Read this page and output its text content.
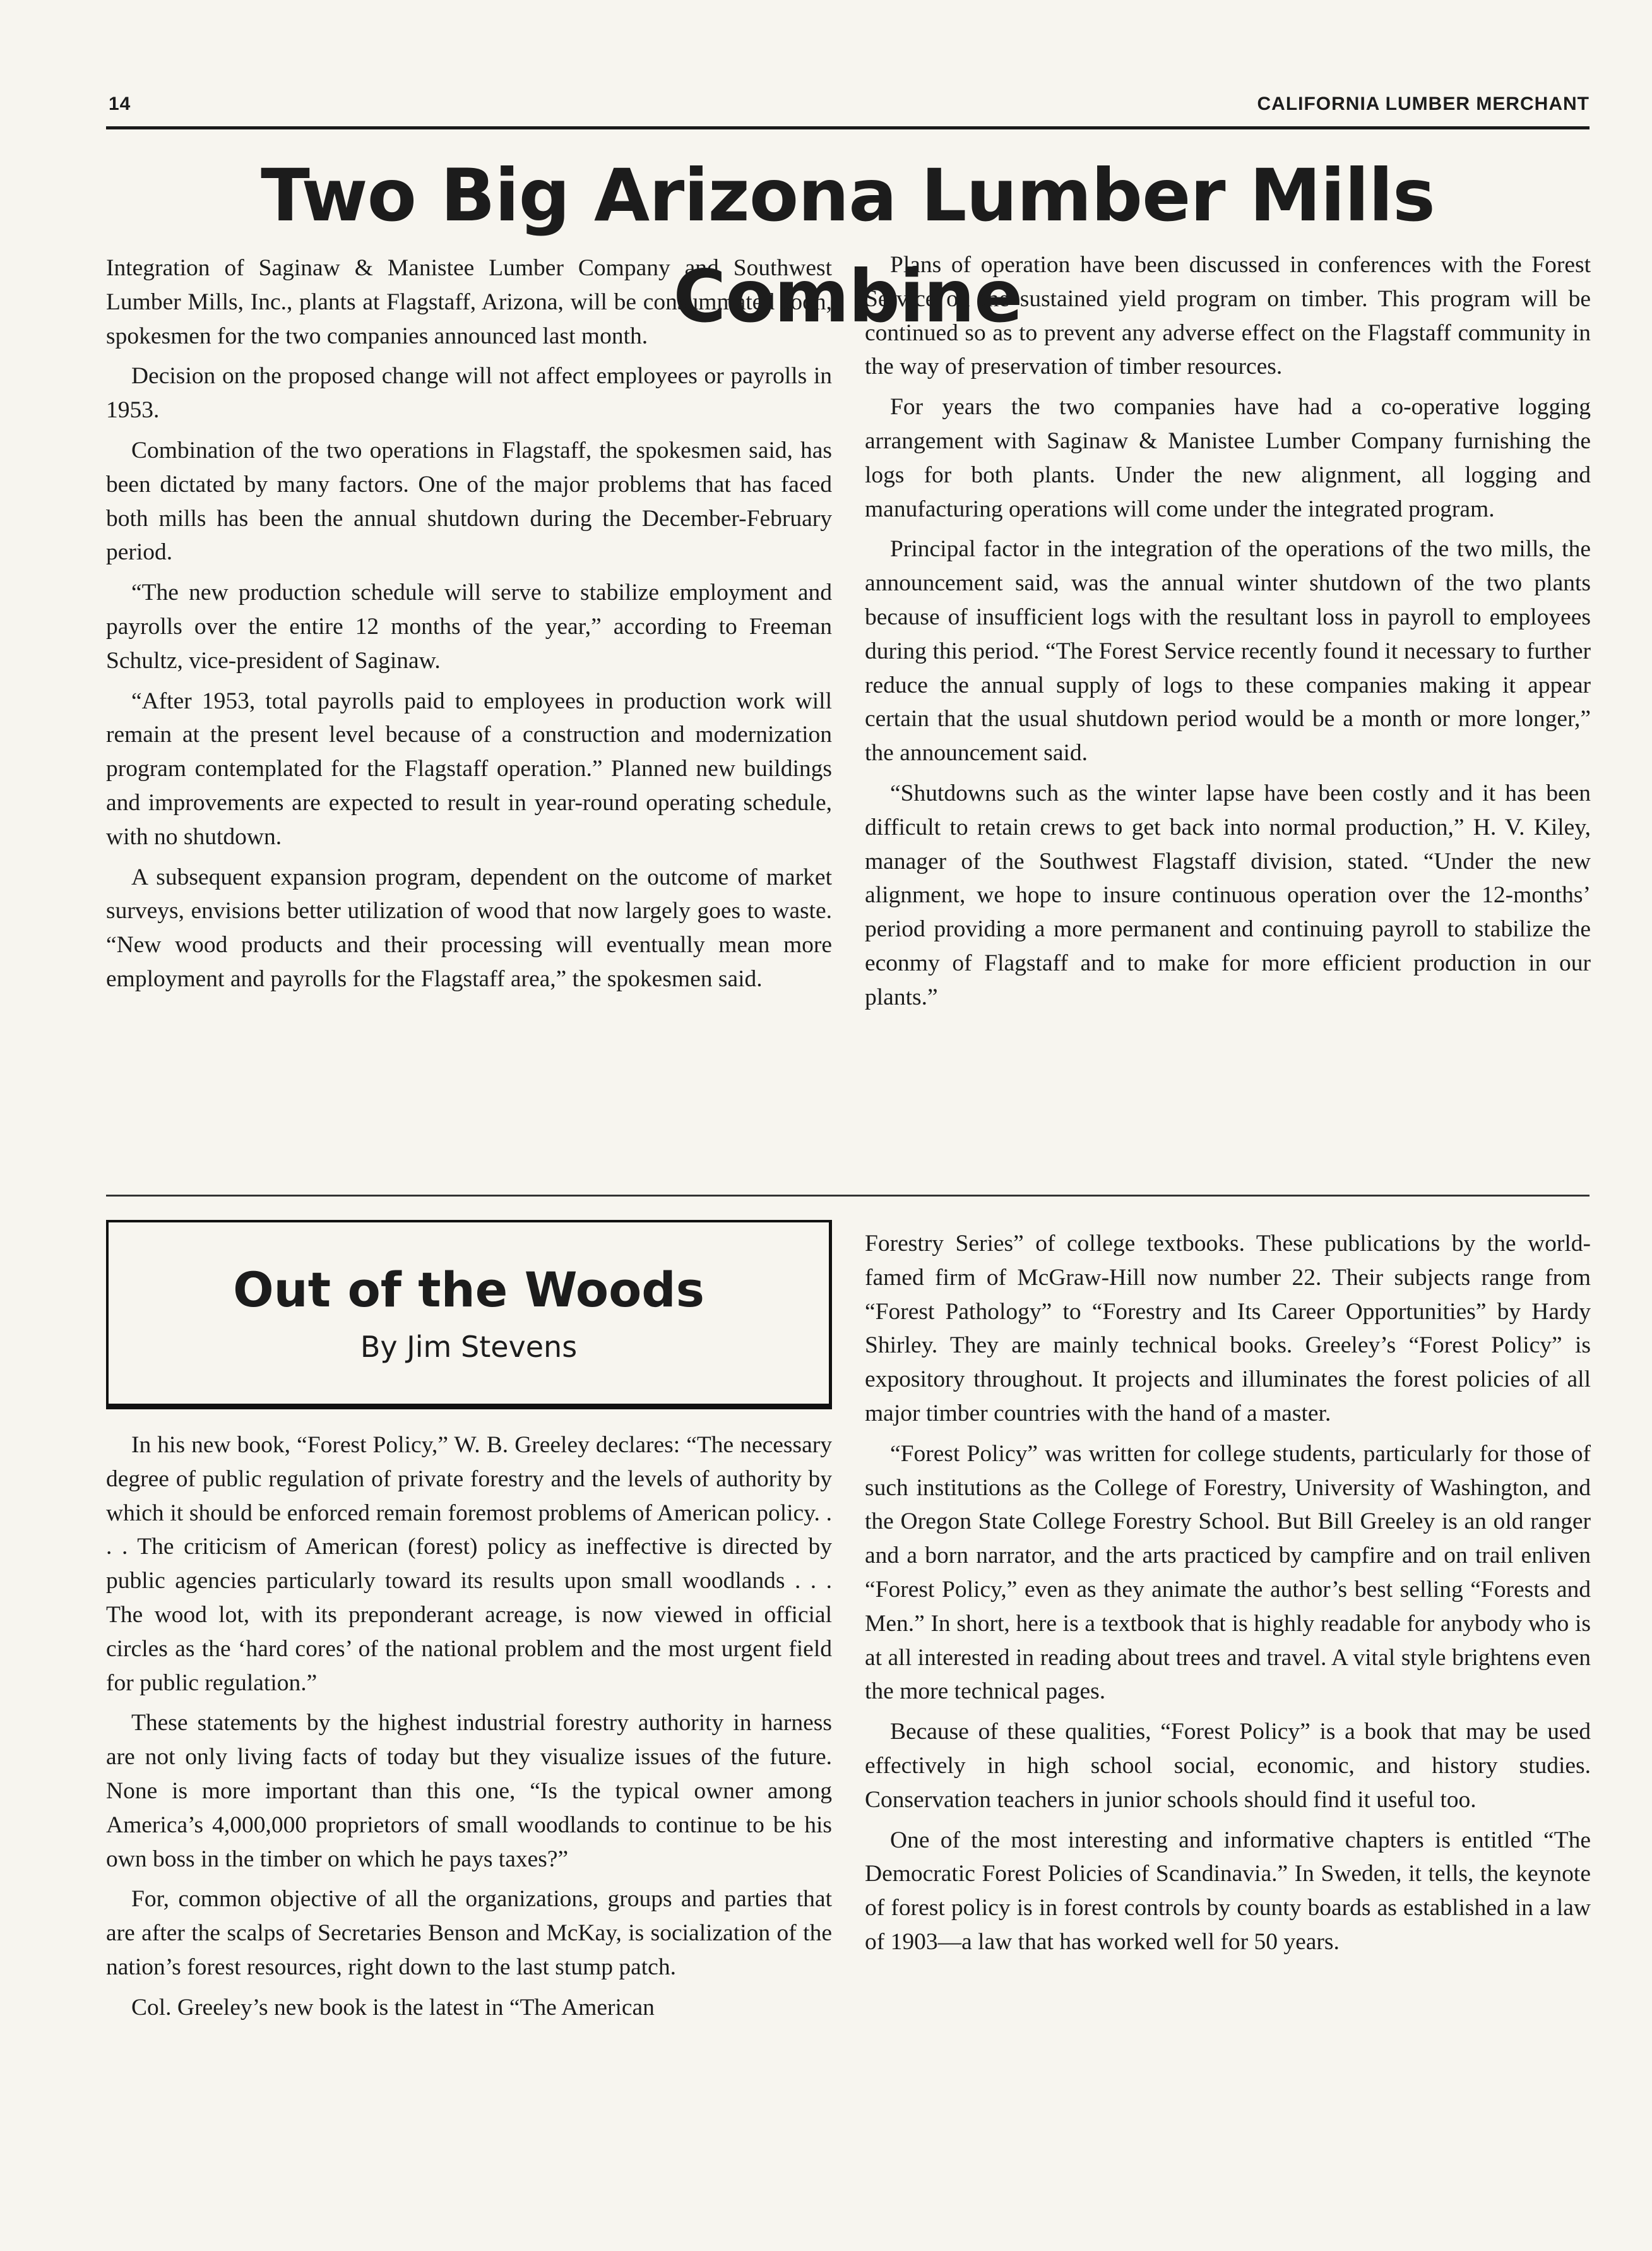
14	CALIFORNIA LUMBER MERCHANT
Two Big Arizona Lumber Mills Combine

Integration of Saginaw & Manistee Lumber Company and Southwest Lumber Mills, Inc., plants at Flagstaff, Arizona, will be consummated soon, spokesmen for the two companies announced last month.

Decision on the proposed change will not affect employees or payrolls in 1953.

Combination of the two operations in Flagstaff, the spokesmen said, has been dictated by many factors. One of the major problems that has faced both mills has been the annual shutdown during the December-February period.

“The new production schedule will serve to stabilize employment and payrolls over the entire 12 months of the year,” according to Freeman Schultz, vice-president of Saginaw.

“After 1953, total payrolls paid to employees in production work will remain at the present level because of a construction and modernization program contemplated for the Flagstaff operation.” Planned new buildings and improvements are expected to result in year-round operating schedule, with no shutdown.

A subsequent expansion program, dependent on the outcome of market surveys, envisions better utilization of wood that now largely goes to waste. “New wood products and their processing will eventually mean more employment and payrolls for the Flagstaff area,” the spokesmen said.

Plans of operation have been discussed in conferences with the Forest Service on the sustained yield program on timber. This program will be continued so as to prevent any adverse effect on the Flagstaff community in the way of preservation of timber resources.

For years the two companies have had a co-operative logging arrangement with Saginaw & Manistee Lumber Company furnishing the logs for both plants. Under the new alignment, all logging and manufacturing operations will come under the integrated program.

Principal factor in the integration of the operations of the two mills, the announcement said, was the annual winter shutdown of the two plants because of insufficient logs with the resultant loss in payroll to employees during this period. “The Forest Service recently found it necessary to further reduce the annual supply of logs to these companies making it appear certain that the usual shutdown period would be a month or more longer,” the announcement said.

“Shutdowns such as the winter lapse have been costly and it has been difficult to retain crews to get back into normal production,” H. V. Kiley, manager of the Southwest Flagstaff division, stated. “Under the new alignment, we hope to insure continuous operation over the 12-months’ period providing a more permanent and continuing payroll to stabilize the econmy of Flagstaff and to make for more efficient production in our plants.”

Out of the Woods
By Jim Stevens

In his new book, “Forest Policy,” W. B. Greeley declares: “The necessary degree of public regulation of private forestry and the levels of authority by which it should be enforced remain foremost problems of American policy. . . . The criticism of American (forest) policy as ineffective is directed by public agencies particularly toward its results upon small woodlands . . . The wood lot, with its preponderant acreage, is now viewed in official circles as the ‘hard cores’ of the national problem and the most urgent field for public regulation.”

These statements by the highest industrial forestry authority in harness are not only living facts of today but they visualize issues of the future. None is more important than this one, “Is the typical owner among America’s 4,000,000 proprietors of small woodlands to continue to be his own boss in the timber on which he pays taxes?”

For, common objective of all the organizations, groups and parties that are after the scalps of Secretaries Benson and McKay, is socialization of the nation’s forest resources, right down to the last stump patch.

Col. Greeley’s new book is the latest in “The American

Forestry Series” of college textbooks. These publications by the world-famed firm of McGraw-Hill now number 22. Their subjects range from “Forest Pathology” to “Forestry and Its Career Opportunities” by Hardy Shirley. They are mainly technical books. Greeley’s “Forest Policy” is expository throughout. It projects and illuminates the forest policies of all major timber countries with the hand of a master.

“Forest Policy” was written for college students, particularly for those of such institutions as the College of Forestry, University of Washington, and the Oregon State College Forestry School. But Bill Greeley is an old ranger and a born narrator, and the arts practiced by campfire and on trail enliven “Forest Policy,” even as they animate the author’s best selling “Forests and Men.” In short, here is a textbook that is highly readable for anybody who is at all interested in reading about trees and travel. A vital style brightens even the more technical pages.

Because of these qualities, “Forest Policy” is a book that may be used effectively in high school social, economic, and history studies. Conservation teachers in junior schools should find it useful too.

One of the most interesting and informative chapters is entitled “The Democratic Forest Policies of Scandinavia.” In Sweden, it tells, the keynote of forest policy is in forest controls by county boards as established in a law of 1903—a law that has worked well for 50 years.
